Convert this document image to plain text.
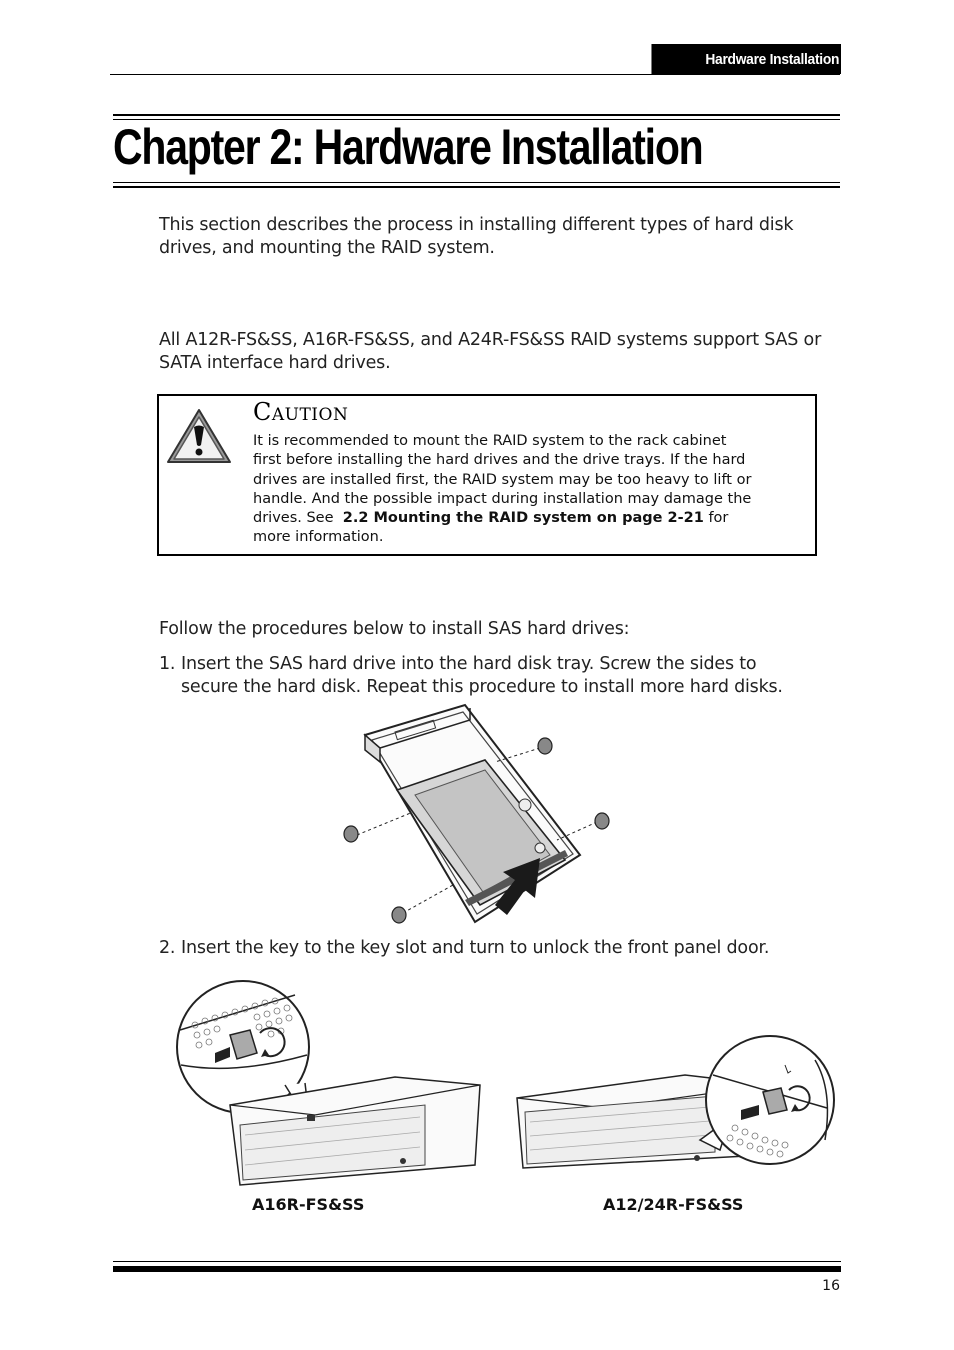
Hardware Installation
Chapter 2: Hardware Installation
This section describes the process in installing different types of hard disk
drives, and mounting the RAID system.
All A12R-FS&SS, A16R-FS&SS, and A24R-FS&SS RAID systems support SAS or
SATA interface hard drives.
Caution
It is recommended to mount the RAID system to the rack cabinet
first before installing the hard drives and the drive trays. If the hard
drives are installed first, the RAID system may be too heavy to lift or
handle. And the possible impact during installation may damage the
drives. See 2.2 Mounting the RAID system on page 2-21 for
more information.
Follow the procedures below to install SAS hard drives:
1. Insert the SAS hard drive into the hard disk tray. Screw the sides to
secure the hard disk. Repeat this procedure to install more hard disks.
2. Insert the key to the key slot and turn to unlock the front panel door.
A16R-FS&SS	A12/24R-FS&SS
16
